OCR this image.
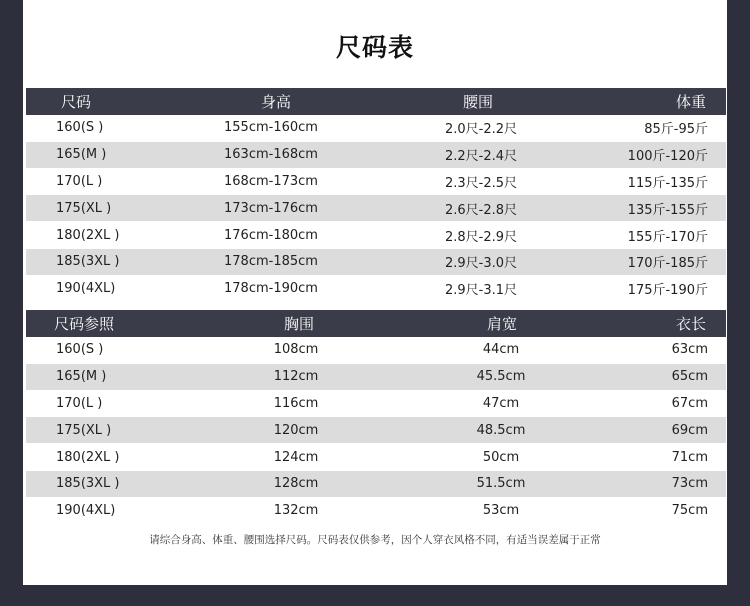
尺码表
尺码	身高	腰围	体重
160(S )	155cm-160cm	2.0尺-2.2尺	85斤-95斤
165(M )	163cm-168cm	2.2尺-2.4尺	100斤-120斤
170(L )	168cm-173cm	2.3尺-2.5尺	115斤-135斤
175(XL )	173cm-176cm	2.6尺-2.8尺	135斤-155斤
180(2XL )	176cm-180cm	2.8尺-2.9尺	155斤-170斤
185(3XL )	178cm-185cm	2.9尺-3.0尺	170斤-185斤
190(4XL)	178cm-190cm	2.9尺-3.1尺	175斤-190斤
尺码参照	胸围	肩宽	衣长
160(S )	108cm	44cm	63cm
165(M )	112cm	45.5cm	65cm
170(L )	116cm	47cm	67cm
175(XL )	120cm	48.5cm	69cm
180(2XL )	124cm	50cm	71cm
185(3XL )	128cm	51.5cm	73cm
190(4XL)	132cm	53cm	75cm
请综合身高、体重、腰围选择尺码。尺码表仅供参考，因个人穿衣风格不同，有适当误差属于正常
